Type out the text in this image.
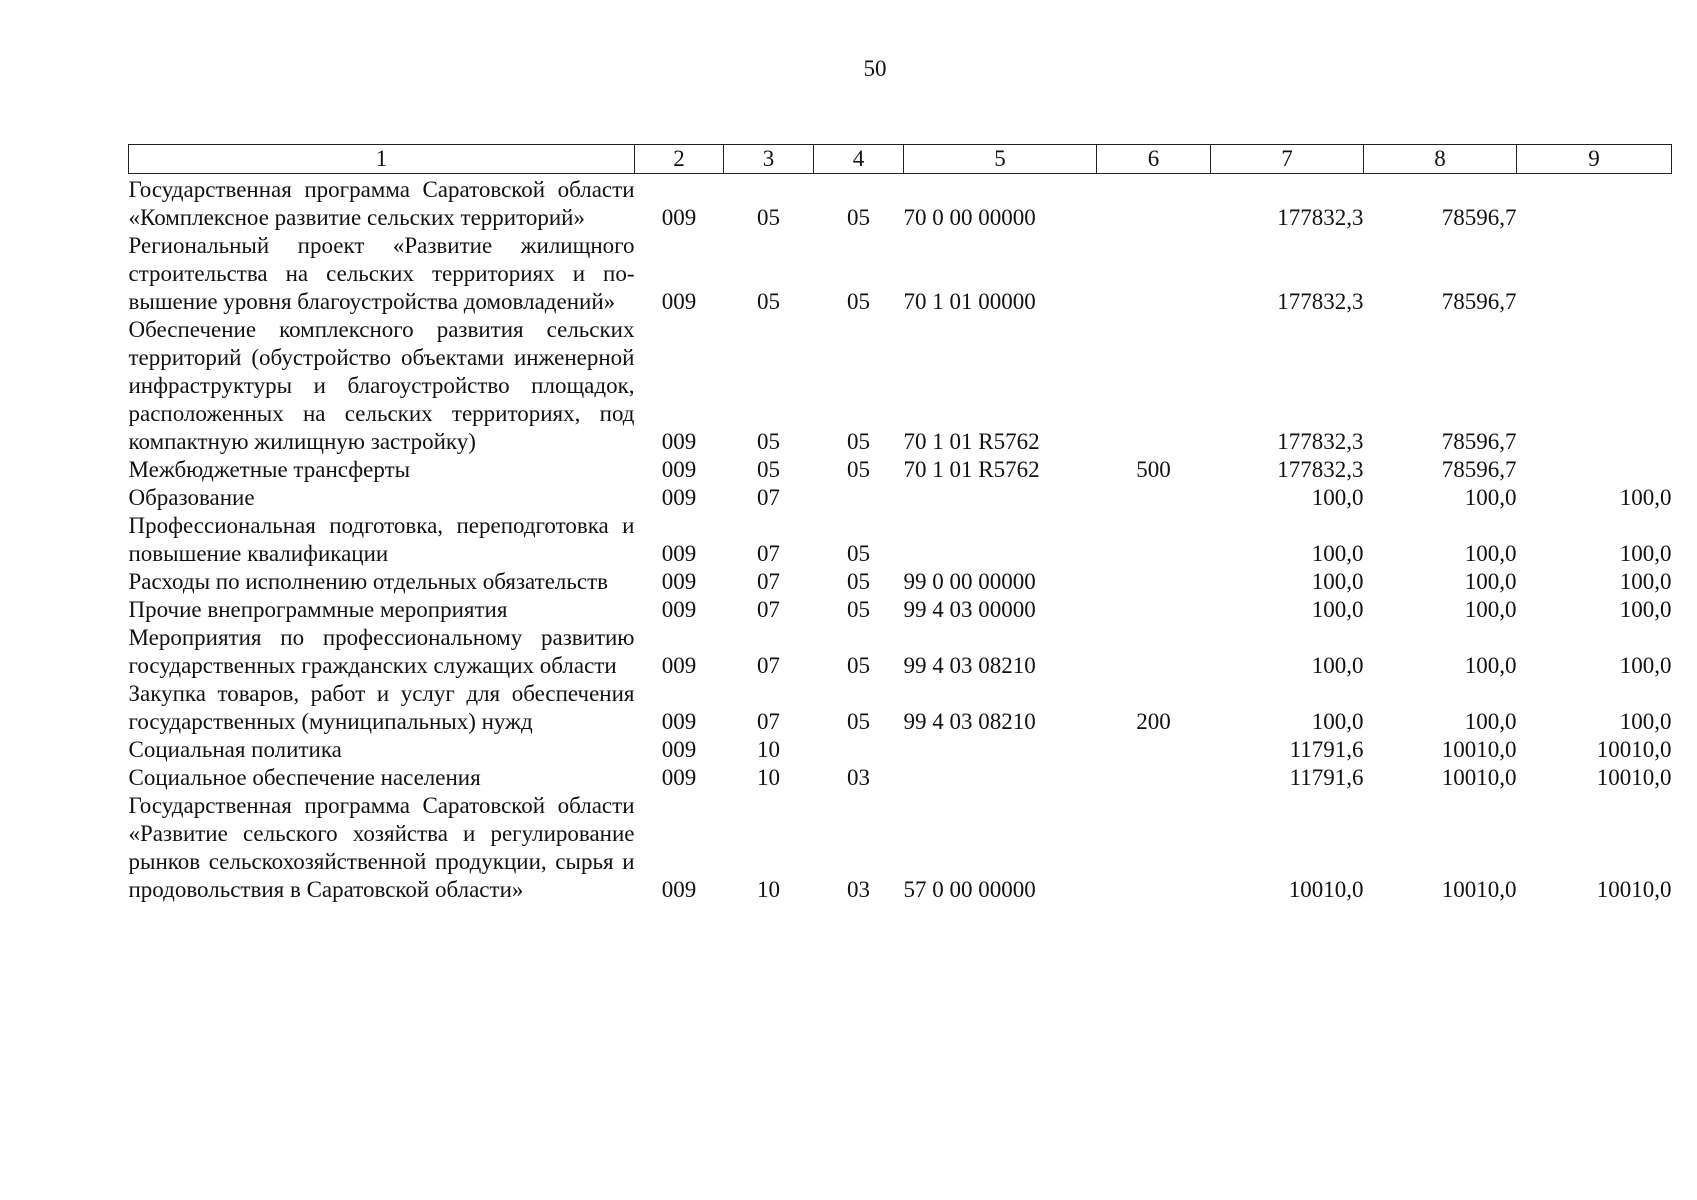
50
1	2	3	4	5	6	7	8	9
Государственная программа Саратовской области «Комплексное развитие сельских территорий»	009	05	05	70 0 00 00000		177832,3	78596,7	
Региональный проект «Развитие жилищного строительства на сельских территориях и повышение уровня благоустройства домовладений»	009	05	05	70 1 01 00000		177832,3	78596,7	
Обеспечение комплексного развития сельских территорий (обустройство объектами инженерной инфраструктуры и благоустройство площадок, расположенных на сельских территориях, под компактную жилищную застройку)	009	05	05	70 1 01 R5762		177832,3	78596,7	
Межбюджетные трансферты	009	05	05	70 1 01 R5762	500	177832,3	78596,7	
Образование	009	07				100,0	100,0	100,0
Профессиональная подготовка, переподготовка и повышение квалификации	009	07	05			100,0	100,0	100,0
Расходы по исполнению отдельных обязательств	009	07	05	99 0 00 00000		100,0	100,0	100,0
Прочие внепрограммные мероприятия	009	07	05	99 4 03 00000		100,0	100,0	100,0
Мероприятия по профессиональному развитию государственных гражданских служащих области	009	07	05	99 4 03 08210		100,0	100,0	100,0
Закупка товаров, работ и услуг для обеспечения государственных (муниципальных) нужд	009	07	05	99 4 03 08210	200	100,0	100,0	100,0
Социальная политика	009	10				11791,6	10010,0	10010,0
Социальное обеспечение населения	009	10	03			11791,6	10010,0	10010,0
Государственная программа Саратовской области «Развитие сельского хозяйства и регулирование рынков сельскохозяйственной продукции, сырья и продовольствия в Саратовской области»	009	10	03	57 0 00 00000		10010,0	10010,0	10010,0
